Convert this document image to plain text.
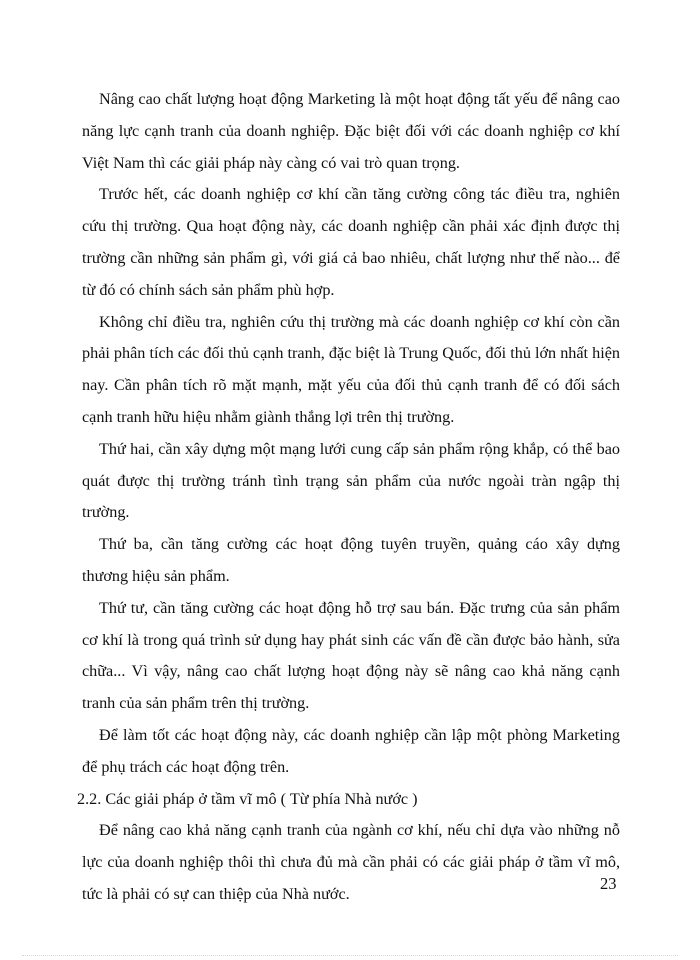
Nâng cao chất lượng hoạt động Marketing là một hoạt động tất yếu để nâng cao năng lực cạnh tranh của doanh nghiệp. Đặc biệt đối với các doanh nghiệp cơ khí Việt Nam thì các giải pháp này càng có vai trò quan trọng.

Trước hết, các doanh nghiệp cơ khí cần tăng cường công tác điều tra, nghiên cứu thị trường. Qua hoạt động này, các doanh nghiệp cần phải xác định được thị trường cần những sản phẩm gì, với giá cả bao nhiêu, chất lượng như thế nào... để từ đó có chính sách sản phẩm phù hợp.

Không chỉ điều tra, nghiên cứu thị trường mà các doanh nghiệp cơ khí còn cần phải phân tích các đối thủ cạnh tranh, đặc biệt là Trung Quốc, đối thủ lớn nhất hiện nay. Cần phân tích rõ mặt mạnh, mặt yếu của đối thủ cạnh tranh để có đối sách cạnh tranh hữu hiệu nhằm giành thắng lợi trên thị trường.

Thứ hai, cần xây dựng một mạng lưới cung cấp sản phẩm rộng khắp, có thể bao quát được thị trường tránh tình trạng sản phẩm của nước ngoài tràn ngập thị trường.

Thứ ba, cần tăng cường các hoạt động tuyên truyền, quảng cáo xây dựng thương hiệu sản phẩm.

Thứ tư, cần tăng cường các hoạt động hỗ trợ sau bán. Đặc trưng của sản phẩm cơ khí là trong quá trình sử dụng hay phát sinh các vấn đề cần được bảo hành, sửa chữa... Vì vậy, nâng cao chất lượng hoạt động này sẽ nâng cao khả năng cạnh tranh của sản phẩm trên thị trường.

Để làm tốt các hoạt động này, các doanh nghiệp cần lập một phòng Marketing để phụ trách các hoạt động trên.

2.2. Các giải pháp ở tầm vĩ mô ( Từ phía Nhà nước )

Để nâng cao khả năng cạnh tranh của ngành cơ khí, nếu chỉ dựa vào những nỗ lực của doanh nghiệp thôi thì chưa đủ mà cần phải có các giải pháp ở tầm vĩ mô, tức là phải có sự can thiệp của Nhà nước.

23
